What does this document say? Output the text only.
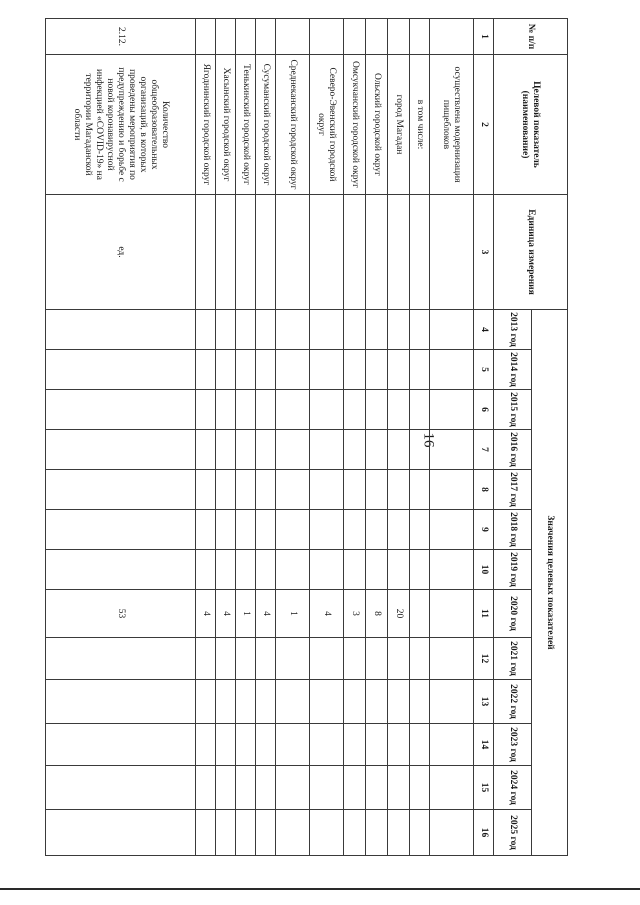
16
№ п/п	Целевой показатель (наименование)	Единица измерения	Значения целевых показателей												
			2013 год	2014 год	2015 год	2016 год	2017 год	2018 год	2019 год	2020 год	2021 год	2022 год	2023 год	2024 год	2025 год
1	2	3	4	5	6	7	8	9	10	11	12	13	14	15	16
	осуществлена модернизация пищеблоков														
	в том числе:														
	город Магадан									20					
	Ольский городской округ									8					
	Омсукчанский городской округ									3					
	Северо-Эвенский городской округ									4					
	Среднеканский городской округ									1					
	Сусуманский городской округ									4					
	Тенькинский городской округ									1					
	Хасынский городской округ									4					
	Ягоднинский городской округ									4					
2.12.	Количество общеобразовательных организаций, в которых проведены мероприятия по предупреждению и борьбе с новой коронавирусной инфекцией «COVID-19» на территории Магаданской области	ед.								53					
